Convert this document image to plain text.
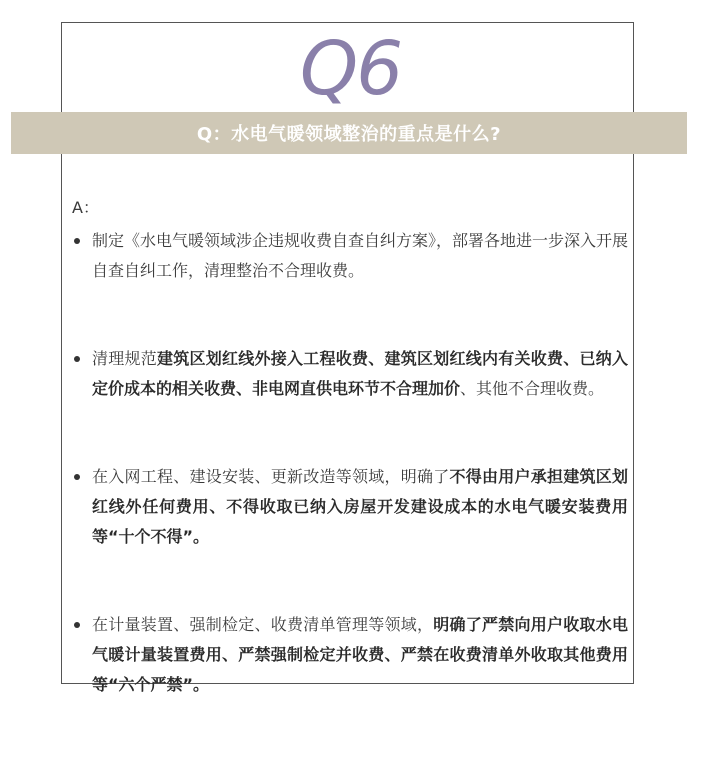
Q6
Q：水电气暖领域整治的重点是什么?
A：
制定《水电气暖领域涉企违规收费自查自纠方案》，部署各地进一步深入开展自查自纠工作，清理整治不合理收费。
清理规范建筑区划红线外接入工程收费、建筑区划红线内有关收费、已纳入定价成本的相关收费、非电网直供电环节不合理加价、其他不合理收费。
在入网工程、建设安装、更新改造等领域，明确了不得由用户承担建筑区划红线外任何费用、不得收取已纳入房屋开发建设成本的水电气暖安装费用等“十个不得”。
在计量装置、强制检定、收费清单管理等领域，明确了严禁向用户收取水电气暖计量装置费用、严禁强制检定并收费、严禁在收费清单外收取其他费用等“六个严禁”。
